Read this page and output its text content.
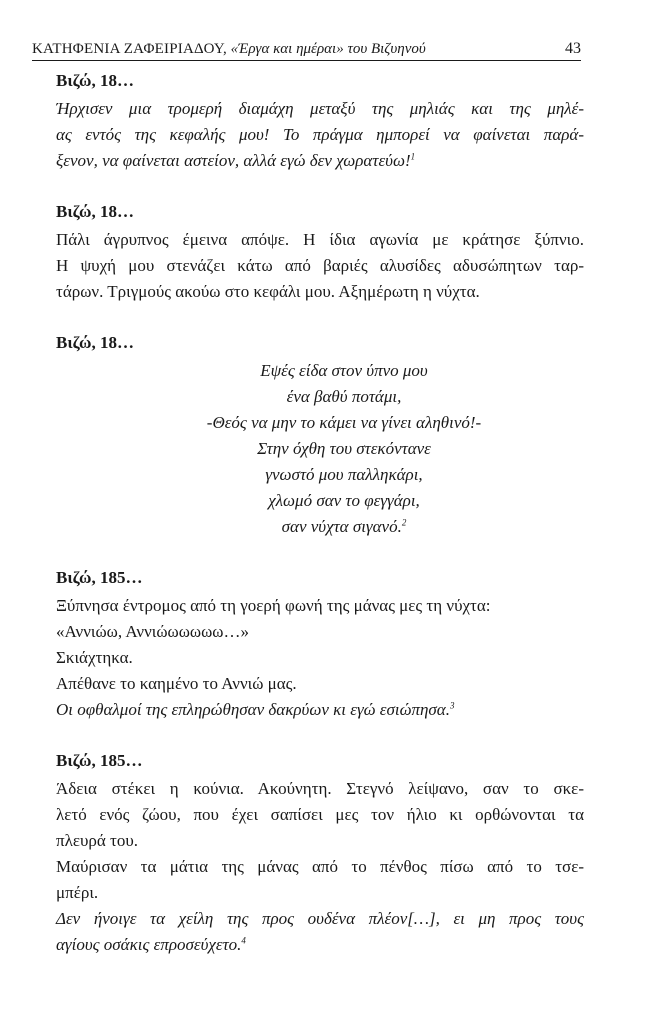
ΚΑΤΗΦΕΝΙΑ ΖΑΦΕΙΡΙΑΔΟΥ, «Έργα και ημέραι» του Βιζυηνού	43
Βιζώ, 18…
Ήρχισεν μια τρομερή διαμάχη μεταξύ της μηλιάς και της μηλέ-
ας εντός της κεφαλής μου! Το πράγμα ημπορεί να φαίνεται παρά-
ξενον, να φαίνεται αστείον, αλλά εγώ δεν χωρατεύω!$^1$
Βιζώ, 18…
Πάλι άγρυπνος έμεινα απόψε. Η ίδια αγωνία με κράτησε ξύπνιο.
Η ψυχή μου στενάζει κάτω από βαριές αλυσίδες αδυσώπητων ταρ-
τάρων. Τριγμούς ακούω στο κεφάλι μου. Αξημέρωτη η νύχτα.
Βιζώ, 18…
Εψές είδα στον ύπνο μου
ένα βαθύ ποτάμι,
-Θεός να μην το κάμει να γίνει αληθινό!-
Στην όχθη του στεκόντανε
γνωστό μου παλληκάρι,
χλωμό σαν το φεγγάρι,
σαν νύχτα σιγανό.$^2$
Βιζώ, 185…
Ξύπνησα έντρομος από τη γοερή φωνή της μάνας μες τη νύχτα:
«Αννιώω, Αννιώωωωωω…»
Σκιάχτηκα.
Απέθανε το καημένο το Αννιώ μας.
Οι οφθαλμοί της επληρώθησαν δακρύων κι εγώ εσιώπησα.$^3$
Βιζώ, 185…
Άδεια στέκει η κούνια. Ακούνητη. Στεγνό λείψανο, σαν το σκε-
λετό ενός ζώου, που έχει σαπίσει μες τον ήλιο κι ορθώνονται τα
πλευρά του.
Μαύρισαν τα μάτια της μάνας από το πένθος πίσω από το τσε-
μπέρι.
Δεν ήνοιγε τα χείλη της προς ουδένα πλέον[…], ει μη προς τους
αγίους οσάκις επροσεύχετο.$^4$
